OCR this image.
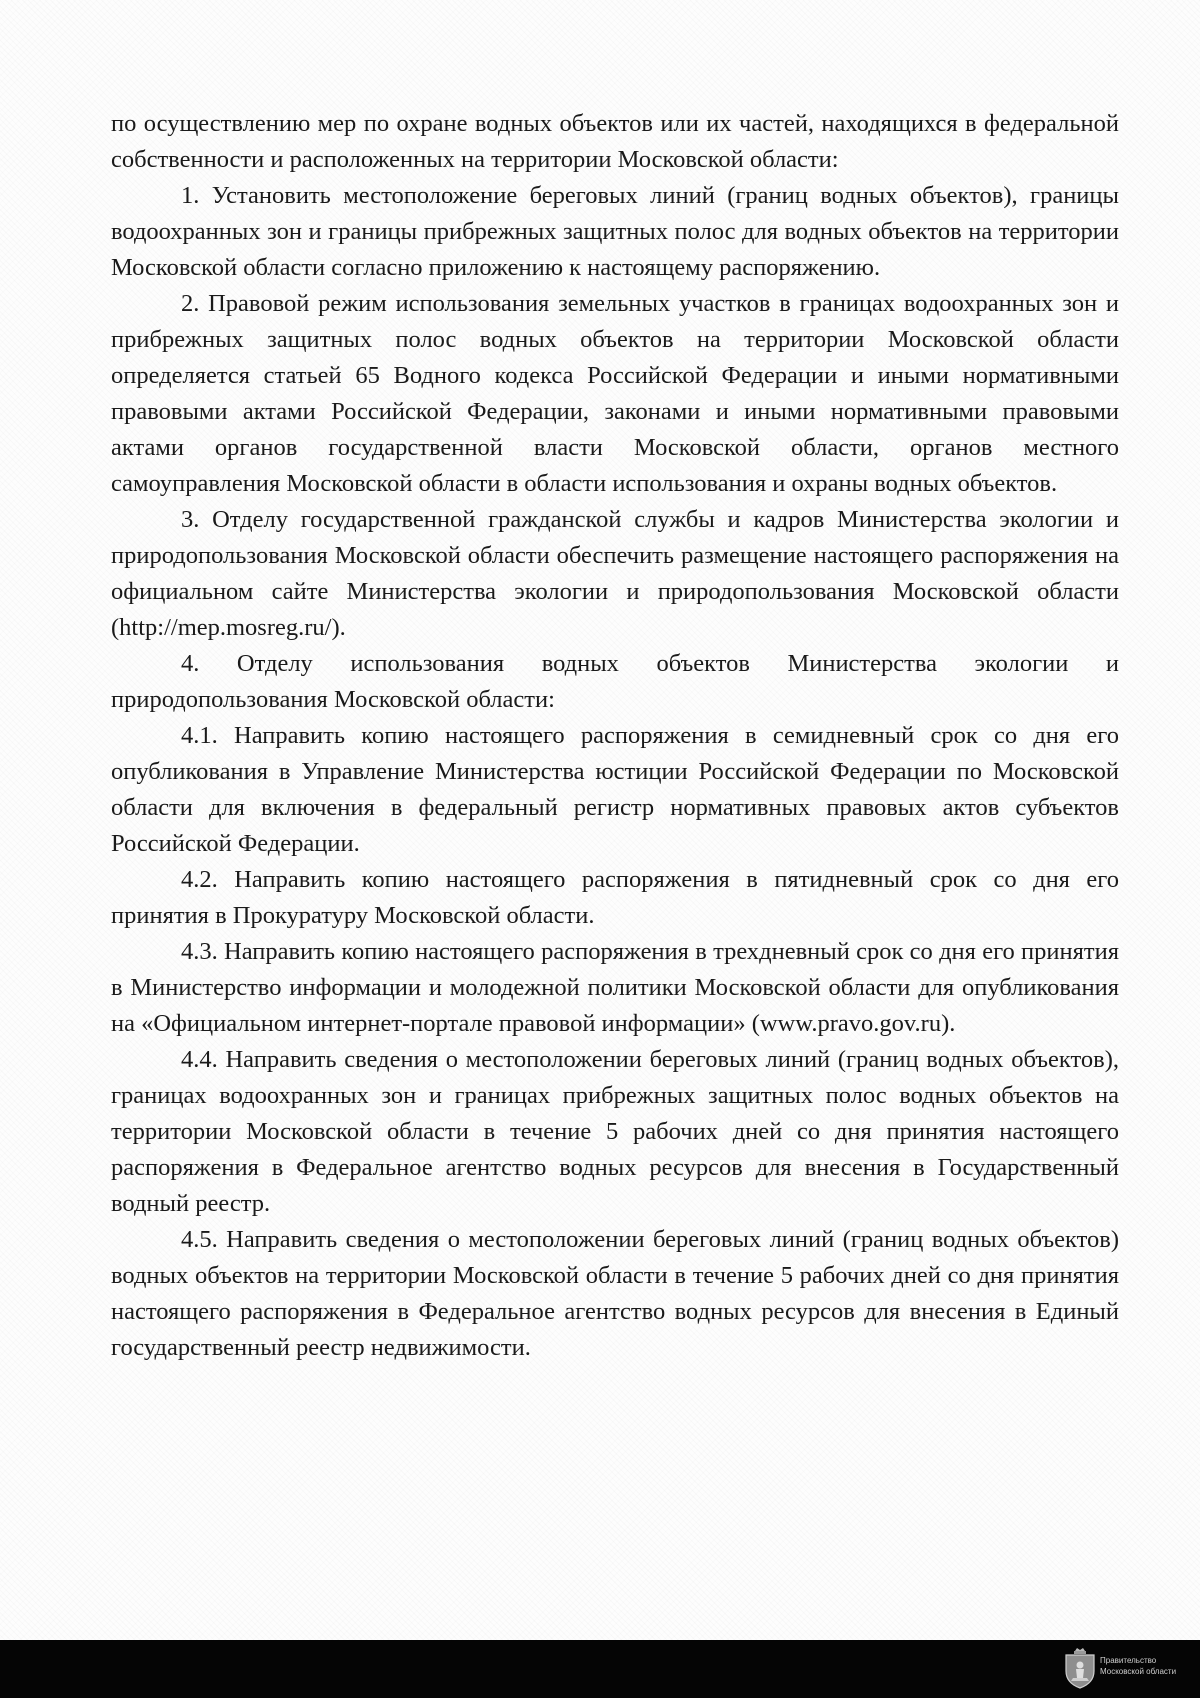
по осуществлению мер по охране водных объектов или их частей, находящихся в федеральной собственности и расположенных на территории Московской области:

1. Установить местоположение береговых линий (границ водных объектов), границы водоохранных зон и границы прибрежных защитных полос для водных объектов на территории Московской области согласно приложению к настоящему распоряжению.

2. Правовой режим использования земельных участков в границах водоохранных зон и прибрежных защитных полос водных объектов на территории Московской области определяется статьей 65 Водного кодекса Российской Федерации и иными нормативными правовыми актами Российской Федерации, законами и иными нормативными правовыми актами органов государственной власти Московской области, органов местного самоуправления Московской области в области использования и охраны водных объектов.

3. Отделу государственной гражданской службы и кадров Министерства экологии и природопользования Московской области обеспечить размещение настоящего распоряжения на официальном сайте Министерства экологии и природопользования Московской области (http://mep.mosreg.ru/).

4. Отделу использования водных объектов Министерства экологии и природопользования Московской области:

4.1. Направить копию настоящего распоряжения в семидневный срок со дня его опубликования в Управление Министерства юстиции Российской Федерации по Московской области для включения в федеральный регистр нормативных правовых актов субъектов Российской Федерации.

4.2. Направить копию настоящего распоряжения в пятидневный срок со дня его принятия в Прокуратуру Московской области.

4.3. Направить копию настоящего распоряжения в трехдневный срок со дня его принятия в Министерство информации и молодежной политики Московской области для опубликования на «Официальном интернет-портале правовой информации» (www.pravo.gov.ru).

4.4. Направить сведения о местоположении береговых линий (границ водных объектов), границах водоохранных зон и границах прибрежных защитных полос водных объектов на территории Московской области в течение 5 рабочих дней со дня принятия настоящего распоряжения в Федеральное агентство водных ресурсов для внесения в Государственный водный реестр.

4.5. Направить сведения о местоположении береговых линий (границ водных объектов) водных объектов на территории Московской области в течение 5 рабочих дней со дня принятия настоящего распоряжения в Федеральное агентство водных ресурсов для внесения в Единый государственный реестр недвижимости.

Правительство
Московской области
